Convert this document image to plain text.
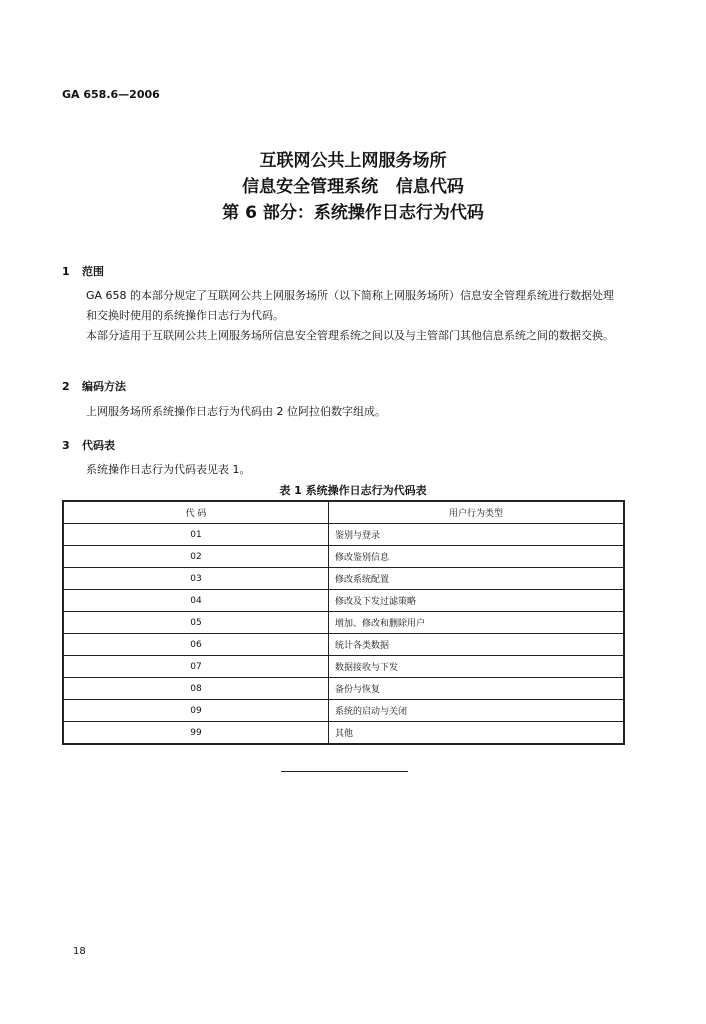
GA 658.6—2006
互联网公共上网服务场所
信息安全管理系统   信息代码
第 6 部分：系统操作日志行为代码
1 范围
GA 658 的本部分规定了互联网公共上网服务场所（以下简称上网服务场所）信息安全管理系统进行数据处理和交换时使用的系统操作日志行为代码。
本部分适用于互联网公共上网服务场所信息安全管理系统之间以及与主管部门其他信息系统之间的数据交换。
2 编码方法
上网服务场所系统操作日志行为代码由 2 位阿拉伯数字组成。
3 代码表
系统操作日志行为代码表见表 1。
表 1 系统操作日志行为代码表
代 码	用户行为类型
01	鉴别与登录
02	修改鉴别信息
03	修改系统配置
04	修改及下发过滤策略
05	增加、修改和删除用户
06	统计各类数据
07	数据接收与下发
08	备份与恢复
09	系统的启动与关闭
99	其他
18
